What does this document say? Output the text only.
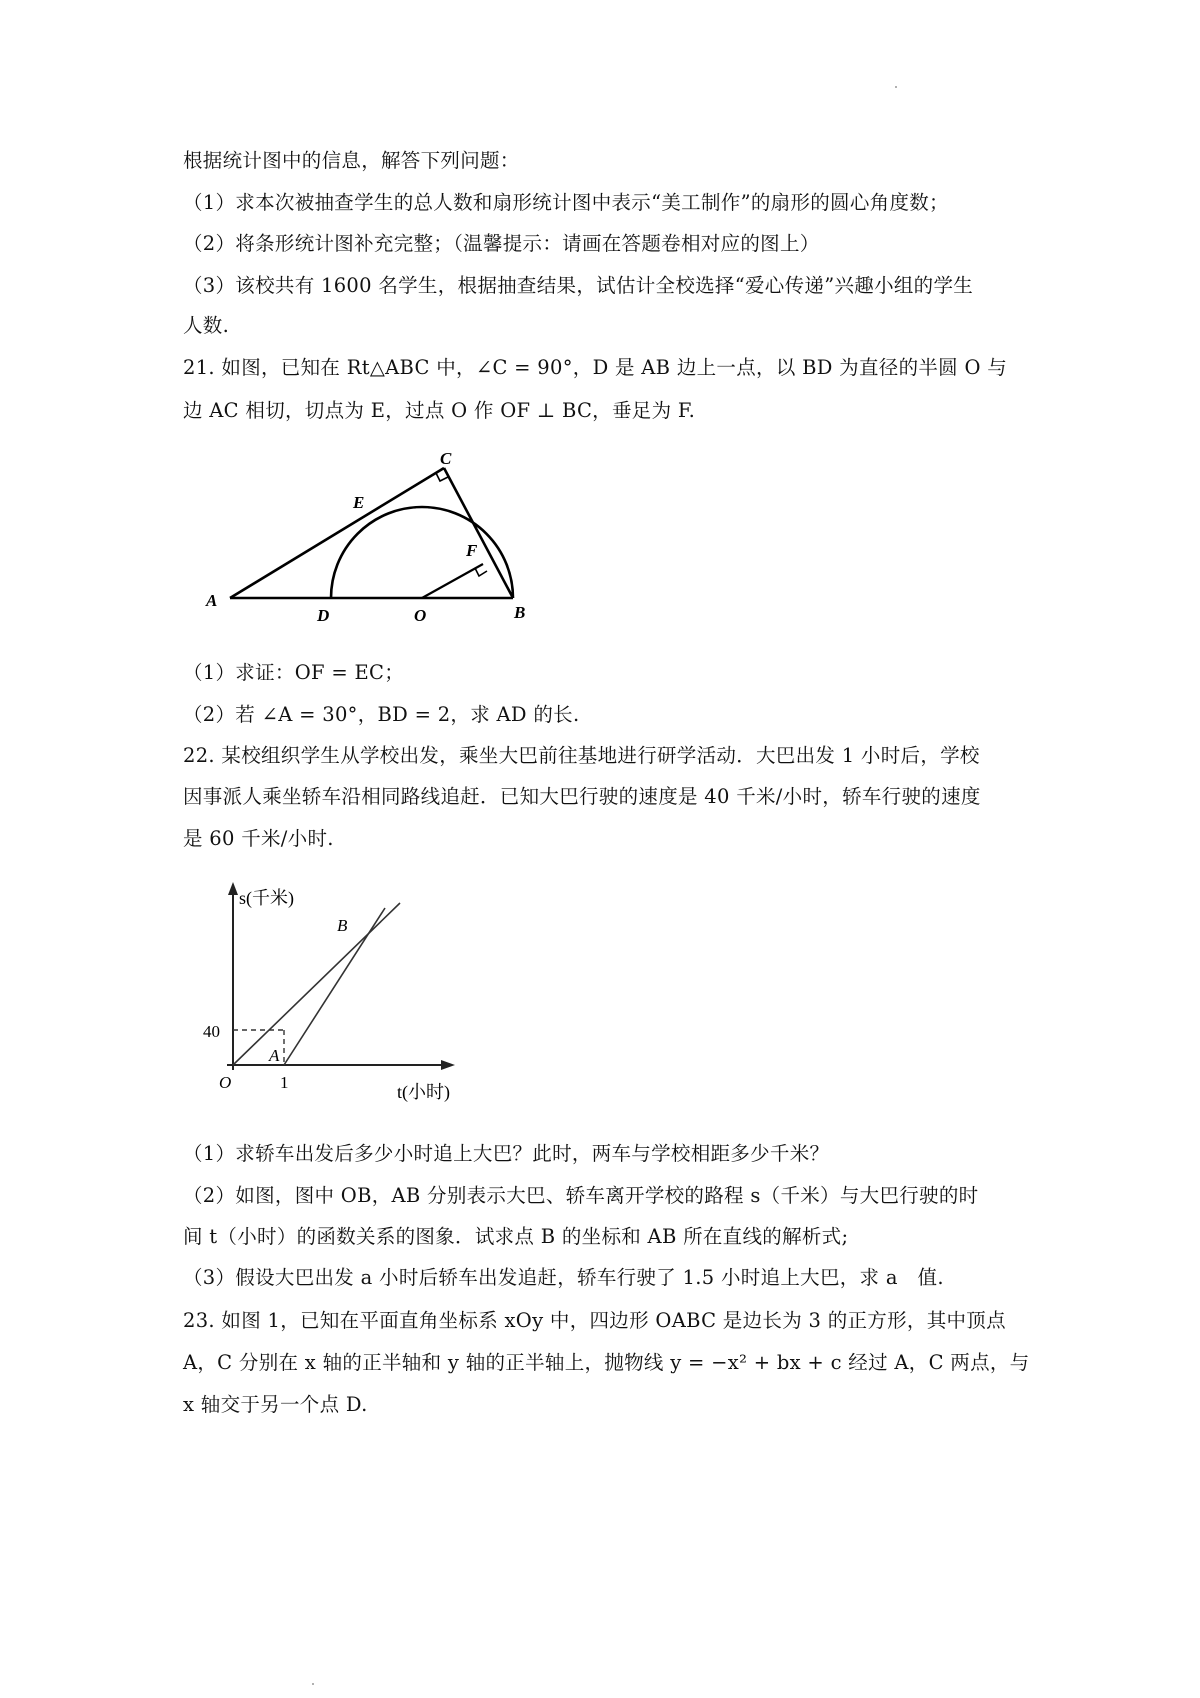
根据统计图中的信息，解答下列问题：
（1）求本次被抽查学生的总人数和扇形统计图中表示“美工制作”的扇形的圆心角度数；
（2）将条形统计图补充完整；（温馨提示：请画在答题卷相对应的图上）
（3）该校共有 1600 名学生，根据抽查结果，试估计全校选择“爱心传递”兴趣小组的学生
人数.
21. 如图，已知在 Rt△ABC 中，∠C = 90°，D 是 AB 边上一点，以 BD 为直径的半圆 O 与
边 AC 相切，切点为 E，过点 O 作 OF ⊥ BC，垂足为 F.
C
E
F
A
D	O	B
（1）求证：OF = EC；
（2）若 ∠A = 30°，BD = 2，求 AD 的长.
22. 某校组织学生从学校出发，乘坐大巴前往基地进行研学活动．大巴出发 1 小时后，学校
因事派人乘坐轿车沿相同路线追赶．已知大巴行驶的速度是 40 千米/小时，轿车行驶的速度
是 60 千米/小时.
s(千米)
B
40
A
O	1	t(小时)
（1）求轿车出发后多少小时追上大巴？此时，两车与学校相距多少千米？
（2）如图，图中 OB，AB 分别表示大巴、轿车离开学校的路程 s（千米）与大巴行驶的时
间 t（小时）的函数关系的图象．试求点 B 的坐标和 AB 所在直线的解析式;
（3）假设大巴出发 a 小时后轿车出发追赶，轿车行驶了 1.5 小时追上大巴，求 a　值.
23. 如图 1，已知在平面直角坐标系 xOy 中，四边形 OABC 是边长为 3 的正方形，其中顶点
A，C 分别在 x 轴的正半轴和 y 轴的正半轴上，抛物线 y = −x² + bx + c 经过 A，C 两点，与
x 轴交于另一个点 D.
